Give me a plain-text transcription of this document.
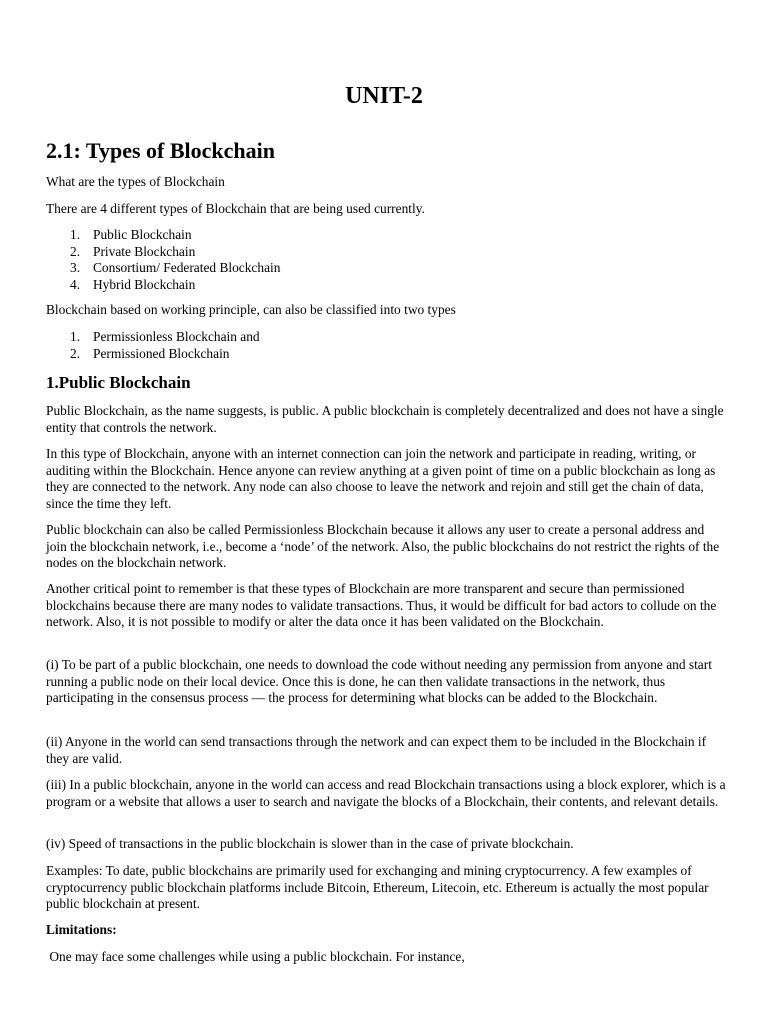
UNIT-2
2.1: Types of Blockchain

What are the types of Blockchain

There are 4 different types of Blockchain that are being used currently.

1. Public Blockchain
2. Private Blockchain
3. Consortium/ Federated Blockchain
4. Hybrid Blockchain

Blockchain based on working principle, can also be classified into two types

1. Permissionless Blockchain and
2. Permissioned Blockchain
1.Public Blockchain

Public Blockchain, as the name suggests, is public. A public blockchain is completely decentralized and does not have a single entity that controls the network.

In this type of Blockchain, anyone with an internet connection can join the network and participate in reading, writing, or auditing within the Blockchain. Hence anyone can review anything at a given point of time on a public blockchain as long as they are connected to the network. Any node can also choose to leave the network and rejoin and still get the chain of data, since the time they left.

Public blockchain can also be called Permissionless Blockchain because it allows any user to create a personal address and join the blockchain network, i.e., become a ‘node’ of the network. Also, the public blockchains do not restrict the rights of the nodes on the blockchain network.

Another critical point to remember is that these types of Blockchain are more transparent and secure than permissioned blockchains because there are many nodes to validate transactions. Thus, it would be difficult for bad actors to collude on the network. Also, it is not possible to modify or alter the data once it has been validated on the Blockchain.

(i) To be part of a public blockchain, one needs to download the code without needing any permission from anyone and start running a public node on their local device. Once this is done, he can then validate transactions in the network, thus participating in the consensus process — the process for determining what blocks can be added to the Blockchain.

(ii) Anyone in the world can send transactions through the network and can expect them to be included in the Blockchain if they are valid.

(iii) In a public blockchain, anyone in the world can access and read Blockchain transactions using a block explorer, which is a program or a website that allows a user to search and navigate the blocks of a Blockchain, their contents, and relevant details.

(iv) Speed of transactions in the public blockchain is slower than in the case of private blockchain.

Examples: To date, public blockchains are primarily used for exchanging and mining cryptocurrency. A few examples of cryptocurrency public blockchain platforms include Bitcoin, Ethereum, Litecoin, etc. Ethereum is actually the most popular public blockchain at present.

Limitations:

One may face some challenges while using a public blockchain. For instance,
